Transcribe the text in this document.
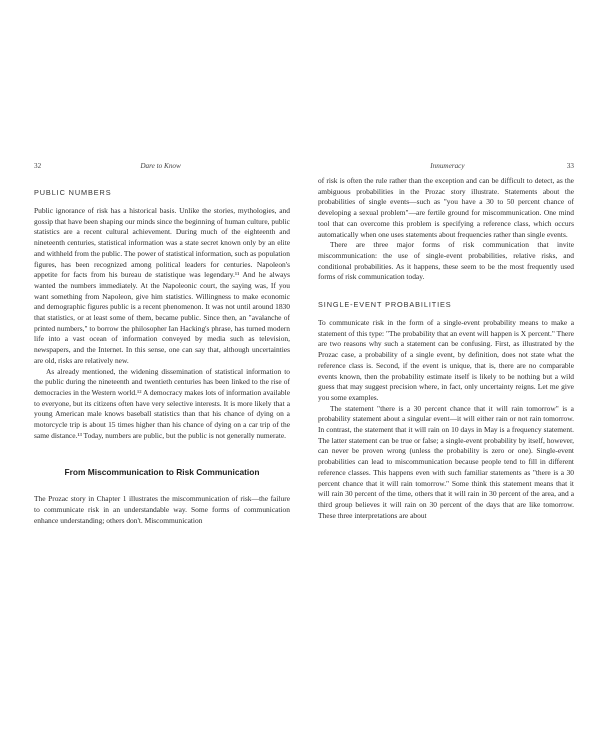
32	Dare to Know
PUBLIC NUMBERS

Public ignorance of risk has a historical basis. Unlike the stories, mythologies, and gossip that have been shaping our minds since the beginning of human culture, public statistics are a recent cultural achievement. During much of the eighteenth and nineteenth centuries, statistical information was a state secret known only by an elite and withheld from the public. The power of statistical information, such as population figures, has been recognized among political leaders for centuries. Napoleon's appetite for facts from his bureau de statistique was legendary.¹¹ And he always wanted the numbers immediately. At the Napoleonic court, the saying was, If you want something from Napoleon, give him statistics. Willingness to make economic and demographic figures public is a recent phenomenon. It was not until around 1830 that statistics, or at least some of them, became public. Since then, an "avalanche of printed numbers," to borrow the philosopher Ian Hacking's phrase, has turned modern life into a vast ocean of information conveyed by media such as television, newspapers, and the Internet. In this sense, one can say that, although uncertainties are old, risks are relatively new.

As already mentioned, the widening dissemination of statistical information to the public during the nineteenth and twentieth centuries has been linked to the rise of democracies in the Western world.¹² A democracy makes lots of information available to everyone, but its citizens often have very selective interests. It is more likely that a young American male knows baseball statistics than that his chance of dying on a motorcycle trip is about 15 times higher than his chance of dying on a car trip of the same distance.¹³ Today, numbers are public, but the public is not generally numerate.

From Miscommunication to Risk Communication

The Prozac story in Chapter 1 illustrates the miscommunication of risk—the failure to communicate risk in an understandable way. Some forms of communication enhance understanding; others don't. Miscommunication

Innumeracy	33

of risk is often the rule rather than the exception and can be difficult to detect, as the ambiguous probabilities in the Prozac story illustrate. Statements about the probabilities of single events—such as "you have a 30 to 50 percent chance of developing a sexual problem"—are fertile ground for miscommunication. One mind tool that can overcome this problem is specifying a reference class, which occurs automatically when one uses statements about frequencies rather than single events.

There are three major forms of risk communication that invite miscommunication: the use of single-event probabilities, relative risks, and conditional probabilities. As it happens, these seem to be the most frequently used forms of risk communication today.

SINGLE-EVENT PROBABILITIES

To communicate risk in the form of a single-event probability means to make a statement of this type: "The probability that an event will happen is X percent." There are two reasons why such a statement can be confusing. First, as illustrated by the Prozac case, a probability of a single event, by definition, does not state what the reference class is. Second, if the event is unique, that is, there are no comparable events known, then the probability estimate itself is likely to be nothing but a wild guess that may suggest precision where, in fact, only uncertainty reigns. Let me give you some examples.

The statement "there is a 30 percent chance that it will rain tomorrow" is a probability statement about a singular event—it will either rain or not rain tomorrow. In contrast, the statement that it will rain on 10 days in May is a frequency statement. The latter statement can be true or false; a single-event probability by itself, however, can never be proven wrong (unless the probability is zero or one). Single-event probabilities can lead to miscommunication because people tend to fill in different reference classes. This happens even with such familiar statements as "there is a 30 percent chance that it will rain tomorrow." Some think this statement means that it will rain 30 percent of the time, others that it will rain in 30 percent of the area, and a third group believes it will rain on 30 percent of the days that are like tomorrow. These three interpretations are about
